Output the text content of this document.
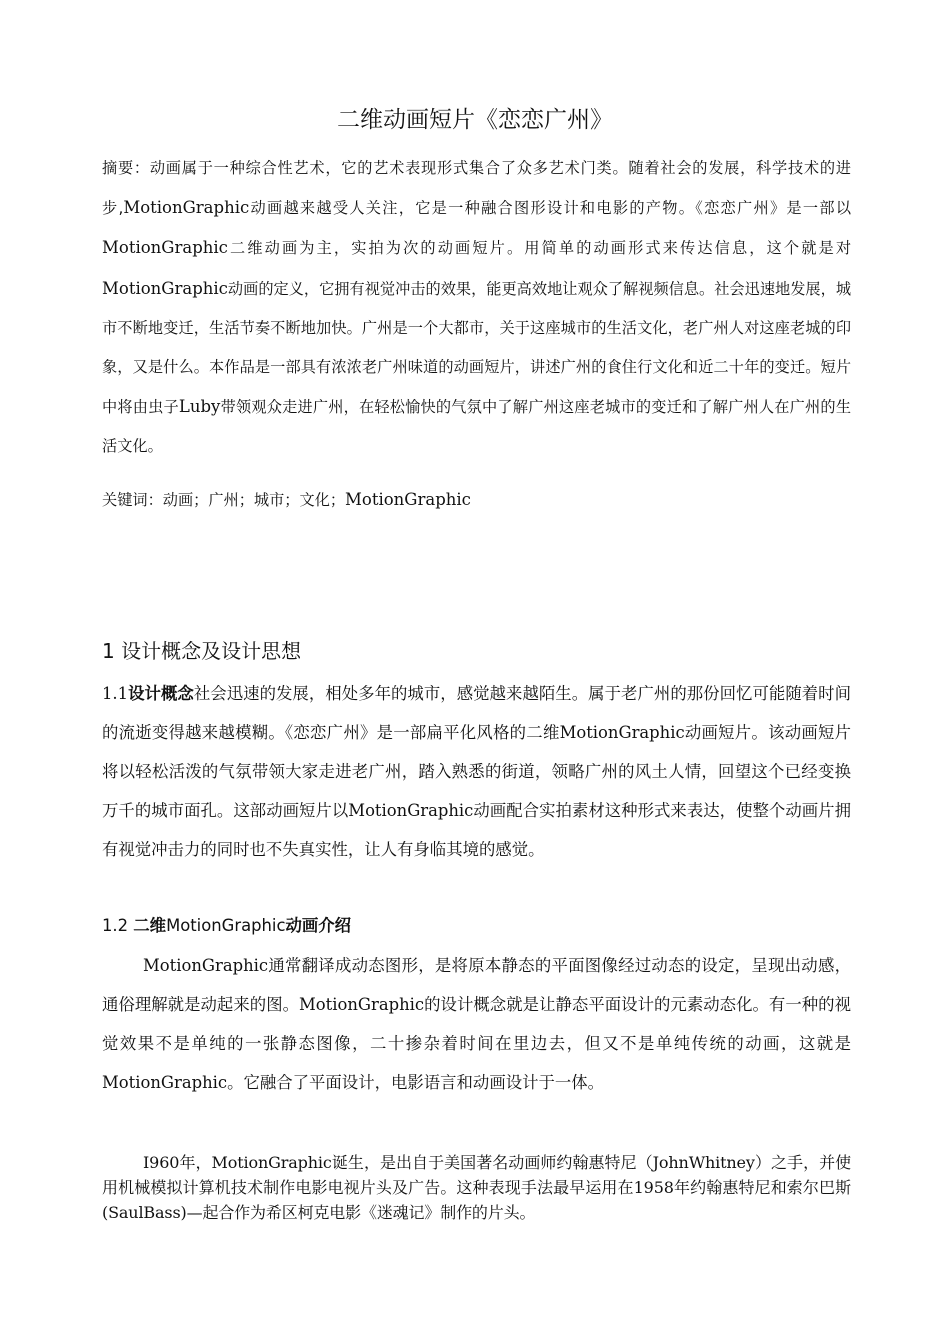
二维动画短片《恋恋广州》
摘要：动画属于一种综合性艺术，它的艺术表现形式集合了众多艺术门类。随着社会的发展，科学技术的进步,MotionGraphic动画越来越受人关注，它是一种融合图形设计和电影的产物。《恋恋广州》是一部以MotionGraphic二维动画为主，实拍为次的动画短片。用简单的动画形式来传达信息，这个就是对MotionGraphic动画的定义，它拥有视觉冲击的效果，能更高效地让观众了解视频信息。社会迅速地发展，城市不断地变迁，生活节奏不断地加快。广州是一个大都市，关于这座城市的生活文化，老广州人对这座老城的印象，又是什么。本作品是一部具有浓浓老广州味道的动画短片，讲述广州的食住行文化和近二十年的变迁。短片中将由虫子Luby带领观众走进广州，在轻松愉快的气氛中了解广州这座老城市的变迁和了解广州人在广州的生活文化。
关键词：动画；广州；城市；文化；MotionGraphic
1 设计概念及设计思想
1.1设计概念社会迅速的发展，相处多年的城市，感觉越来越陌生。属于老广州的那份回忆可能随着时间的流逝变得越来越模糊。《恋恋广州》是一部扁平化风格的二维MotionGraphic动画短片。该动画短片将以轻松活泼的气氛带领大家走进老广州，踏入熟悉的街道，领略广州的风土人情，回望这个已经变换万千的城市面孔。这部动画短片以MotionGraphic动画配合实拍素材这种形式来表达，使整个动画片拥有视觉冲击力的同时也不失真实性，让人有身临其境的感觉。
1.2 二维MotionGraphic动画介绍
MotionGraphic通常翻译成动态图形，是将原本静态的平面图像经过动态的设定，呈现出动感，通俗理解就是动起来的图。MotionGraphic的设计概念就是让静态平面设计的元素动态化。有一种的视觉效果不是单纯的一张静态图像，二十掺杂着时间在里边去，但又不是单纯传统的动画，这就是MotionGraphic。它融合了平面设计，电影语言和动画设计于一体。
I960年，MotionGraphic诞生，是出自于美国著名动画师约翰惠特尼（JohnWhitney）之手，并使用机械模拟计算机技术制作电影电视片头及广告。这种表现手法最早运用在1958年约翰惠特尼和索尔巴斯(SaulBass)—起合作为希区柯克电影《迷魂记》制作的片头。
